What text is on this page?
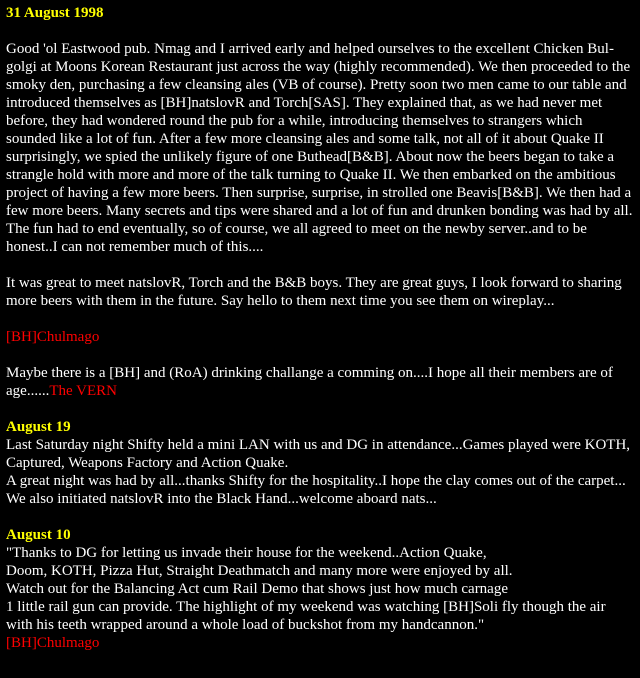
31 August 1998

Good 'ol Eastwood pub. Nmag and I arrived early and helped ourselves to the excellent Chicken Bul-golgi at Moons Korean Restaurant just across the way (highly recommended). We then proceeded to the smoky den, purchasing a few cleansing ales (VB of course). Pretty soon two men came to our table and introduced themselves as [BH]natslovR and Torch[SAS]. They explained that, as we had never met before, they had wondered round the pub for a while, introducing themselves to strangers which sounded like a lot of fun. After a few more cleansing ales and some talk, not all of it about Quake II surprisingly, we spied the unlikely figure of one Buthead[B&B]. About now the beers began to take a strangle hold with more and more of the talk turning to Quake II. We then embarked on the ambitious project of having a few more beers. Then surprise, surprise, in strolled one Beavis[B&B]. We then had a few more beers. Many secrets and tips were shared and a lot of fun and drunken bonding was had by all. The fun had to end eventually, so of course, we all agreed to meet on the newby server..and to be honest..I can not remember much of this....

It was great to meet natslovR, Torch and the B&B boys. They are great guys, I look forward to sharing more beers with them in the future. Say hello to them next time you see them on wireplay...

[BH]Chulmago

Maybe there is a [BH] and (RoA) drinking challange a comming on....I hope all their members are of age......The VERN

August 19

Last Saturday night Shifty held a mini LAN with us and DG in attendance...Games played were KOTH, Captured, Weapons Factory and Action Quake.

A great night was had by all...thanks Shifty for the hospitality..I hope the clay comes out of the carpet...

We also initiated natslovR into the Black Hand...welcome aboard nats...

August 10

"Thanks to DG for letting us invade their house for the weekend..Action Quake,

Doom, KOTH, Pizza Hut, Straight Deathmatch and many more were enjoyed by all.

Watch out for the Balancing Act cum Rail Demo that shows just how much carnage

1 little rail gun can provide. The highlight of my weekend was watching [BH]Soli fly though the air with his teeth wrapped around a whole load of buckshot from my handcannon."

[BH]Chulmago
